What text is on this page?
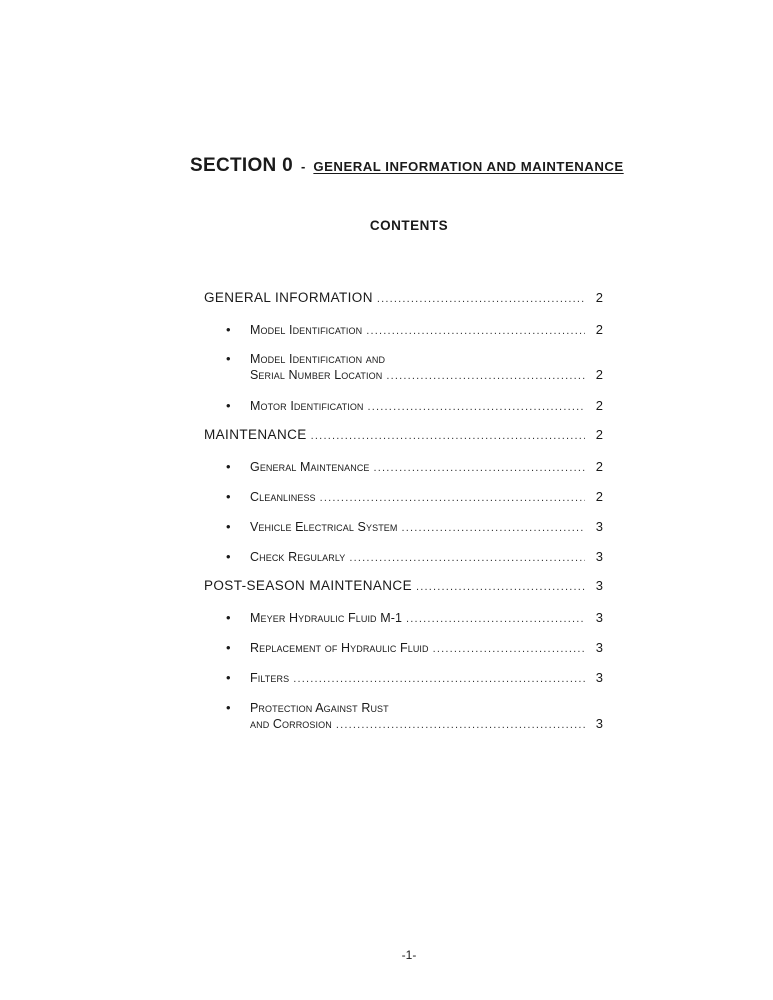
SECTION 0 - GENERAL INFORMATION AND MAINTENANCE
CONTENTS
GENERAL INFORMATION .....	2
• Model Identification .....	2
• Model Identification and
Serial Number Location .....	2
• Motor Identification .....	2
MAINTENANCE .....	2
• General Maintenance .....	2
• Cleanliness .....	2
• Vehicle Electrical System .....	3
• Check Regularly .....	3
POST-SEASON MAINTENANCE .....	3
• Meyer Hydraulic Fluid M-1 .....	3
• Replacement of Hydraulic Fluid .....	3
• Filters .....	3
• Protection Against Rust
and Corrosion .....	3
-1-
